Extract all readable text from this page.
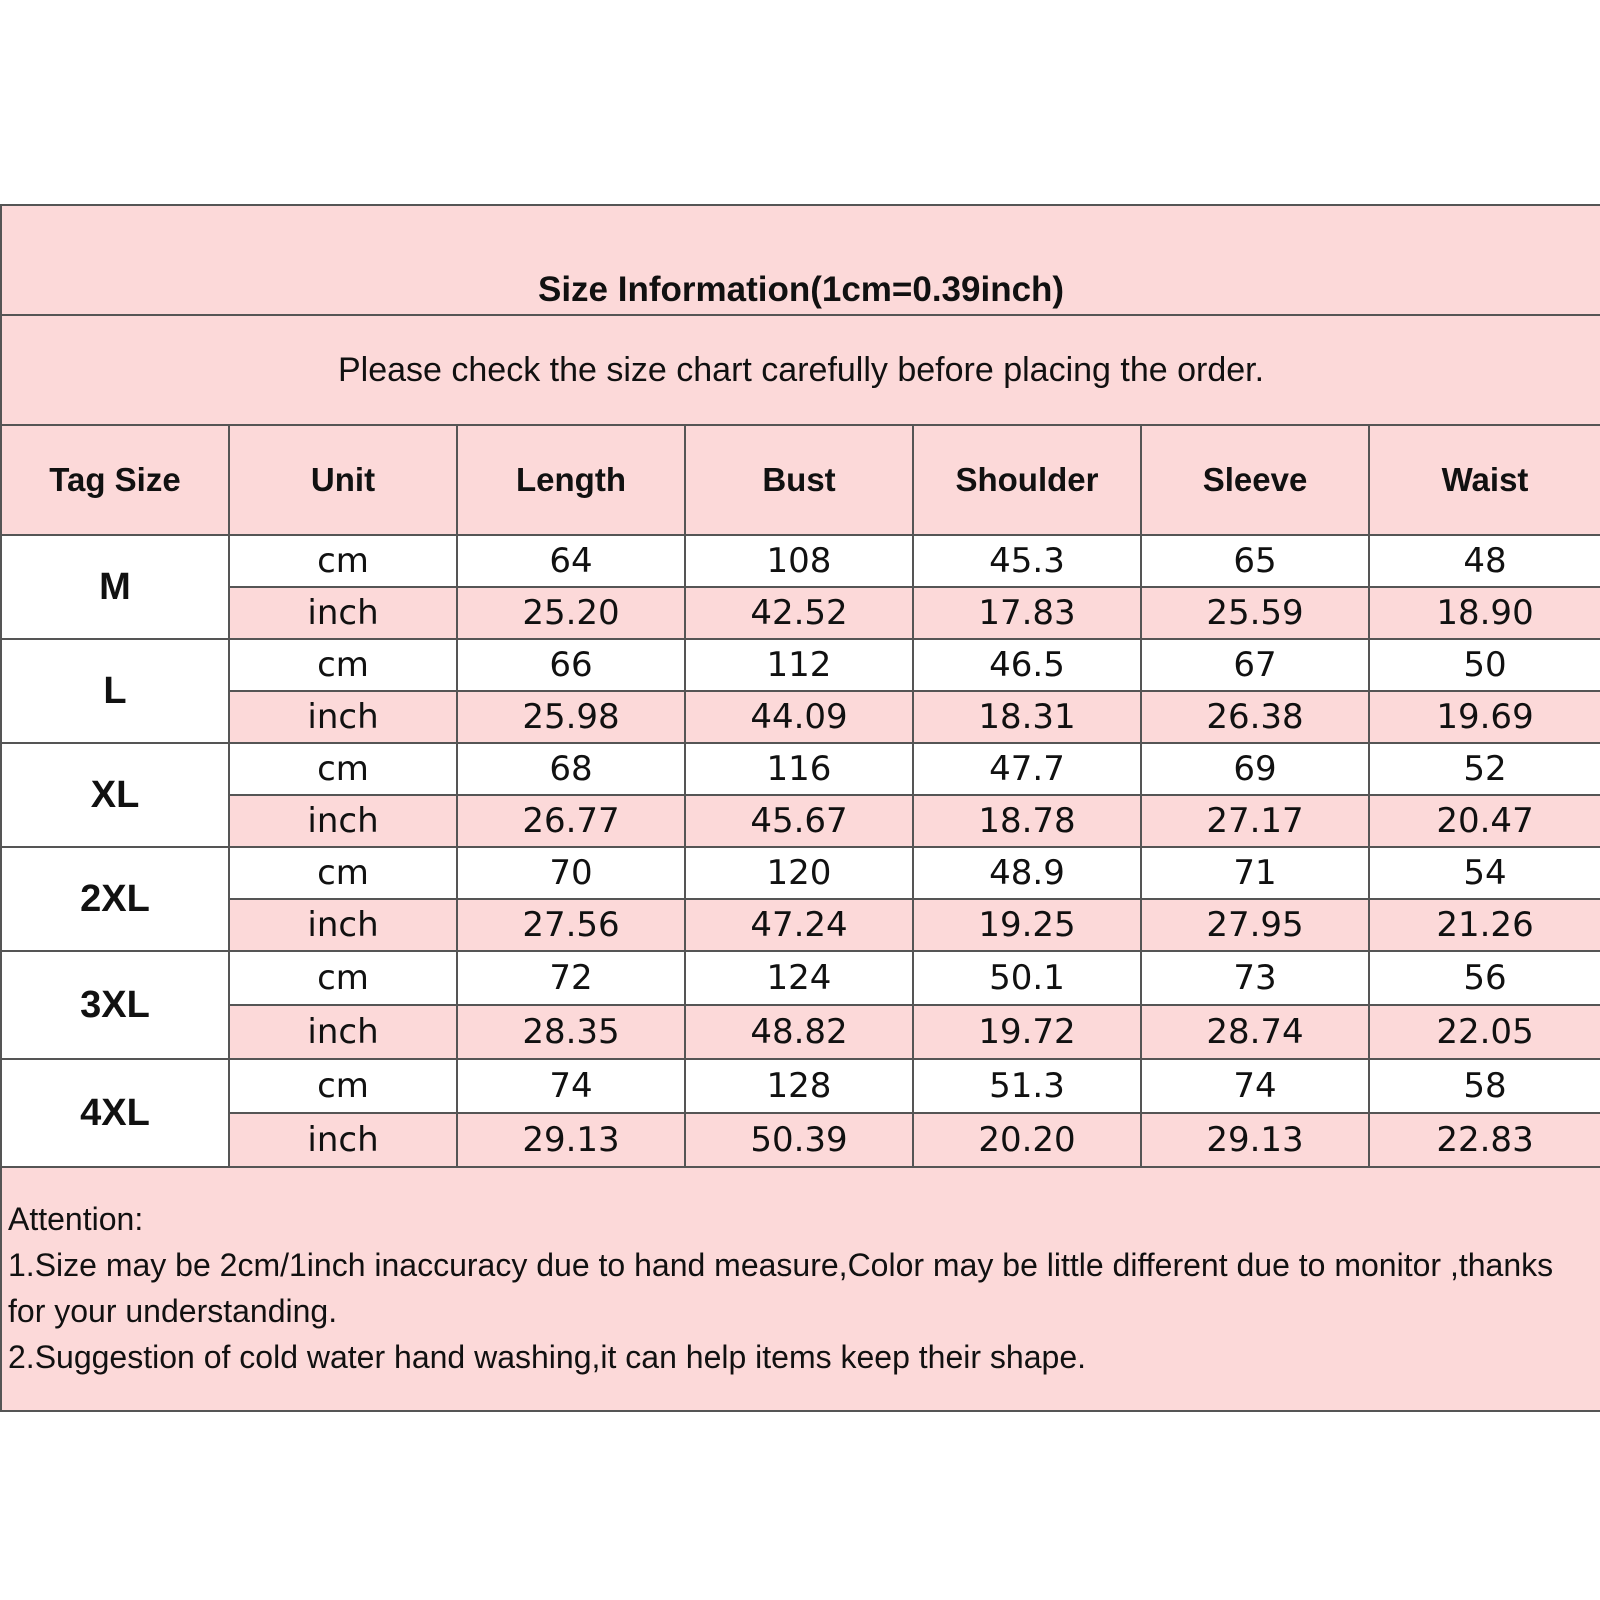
Size Information(1cm=0.39inch)						
Please check the size chart carefully before placing the order.						
Tag Size	Unit	Length	Bust	Shoulder	Sleeve	Waist
M	cm	64	108	45.3	65	48
	inch	25.20	42.52	17.83	25.59	18.90
L	cm	66	112	46.5	67	50
	inch	25.98	44.09	18.31	26.38	19.69
XL	cm	68	116	47.7	69	52
	inch	26.77	45.67	18.78	27.17	20.47
2XL	cm	70	120	48.9	71	54
	inch	27.56	47.24	19.25	27.95	21.26
3XL	cm	72	124	50.1	73	56
	inch	28.35	48.82	19.72	28.74	22.05
4XL	cm	74	128	51.3	74	58
	inch	29.13	50.39	20.20	29.13	22.83

Attention:
1.Size may be 2cm/1inch inaccuracy due to hand measure,Color may be little different due to monitor ,thanks for your understanding.
2.Suggestion of cold water hand washing,it can help items keep their shape.						
